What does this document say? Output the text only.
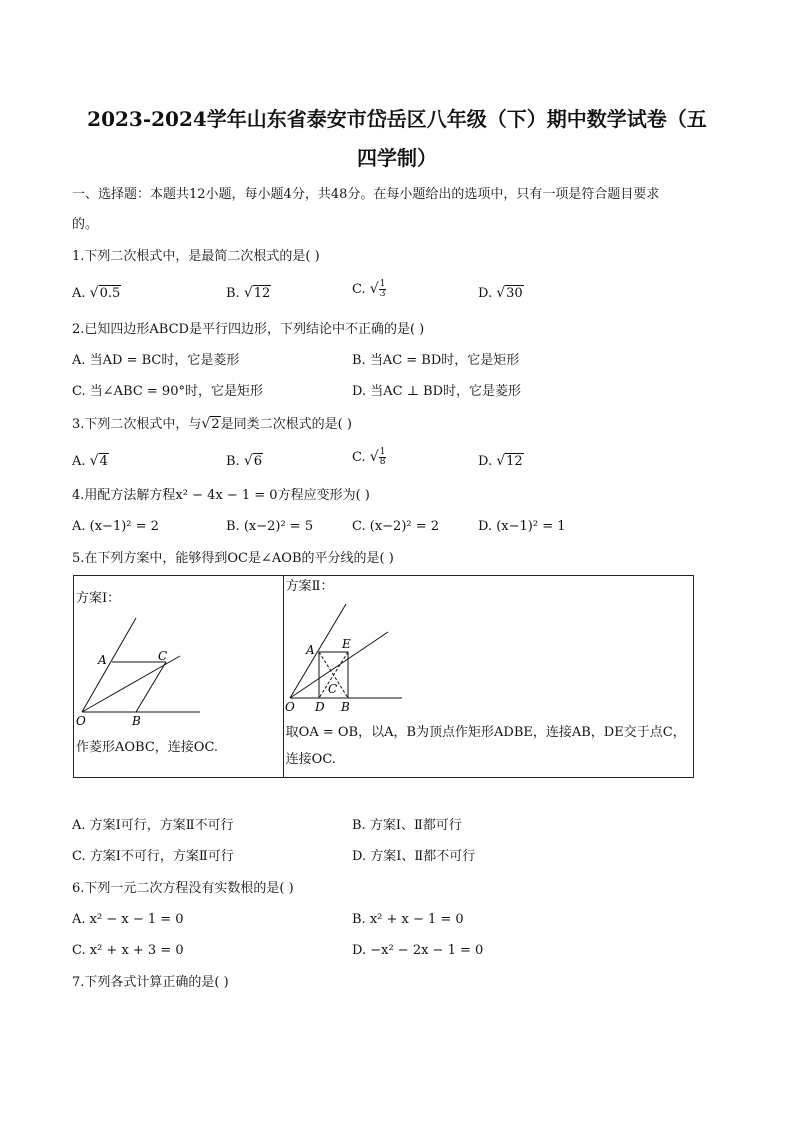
2023-2024学年山东省泰安市岱岳区八年级（下）期中数学试卷（五
四学制）
一、选择题：本题共12小题，每小题4分，共48分。在每小题给出的选项中，只有一项是符合题目要求
的。
1.下列二次根式中，是最简二次根式的是( )
A. √0.5	B. √12	C. √ $\frac{1}{3}$	D. √30
2.已知四边形ABCD是平行四边形，下列结论中不正确的是( )
A. 当AD = BC时，它是菱形	B. 当AC = BD时，它是矩形
C. 当∠ABC = 90°时，它是矩形	D. 当AC ⊥ BD时，它是菱形
3.下列二次根式中，与√2是同类二次根式的是( )
A. √4	B. √6	C. √ $\frac{1}{8}$	D. √12
4.用配方法解方程x² − 4x − 1 = 0方程应变形为( )
A. (x−1)² = 2	B. (x−2)² = 5	C. (x−2)² = 2	D. (x−1)² = 1
5.在下列方案中，能够得到OC是∠AOB的平分线的是( )
方案Ⅰ：
A	C
O	B
作菱形AOBC，连接OC.

方案Ⅱ：
A E
C
O D B
取OA = OB，以A，B为顶点作矩形ADBE，连接AB，DE交于点C，
连接OC.
A. 方案Ⅰ可行，方案Ⅱ不可行	B. 方案Ⅰ、Ⅱ都可行
C. 方案Ⅰ不可行，方案Ⅱ可行	D. 方案Ⅰ、Ⅱ都不可行
6.下列一元二次方程没有实数根的是( )
A. x² − x − 1 = 0	B. x² + x − 1 = 0
C. x² + x + 3 = 0	D. −x² − 2x − 1 = 0
7.下列各式计算正确的是( )
